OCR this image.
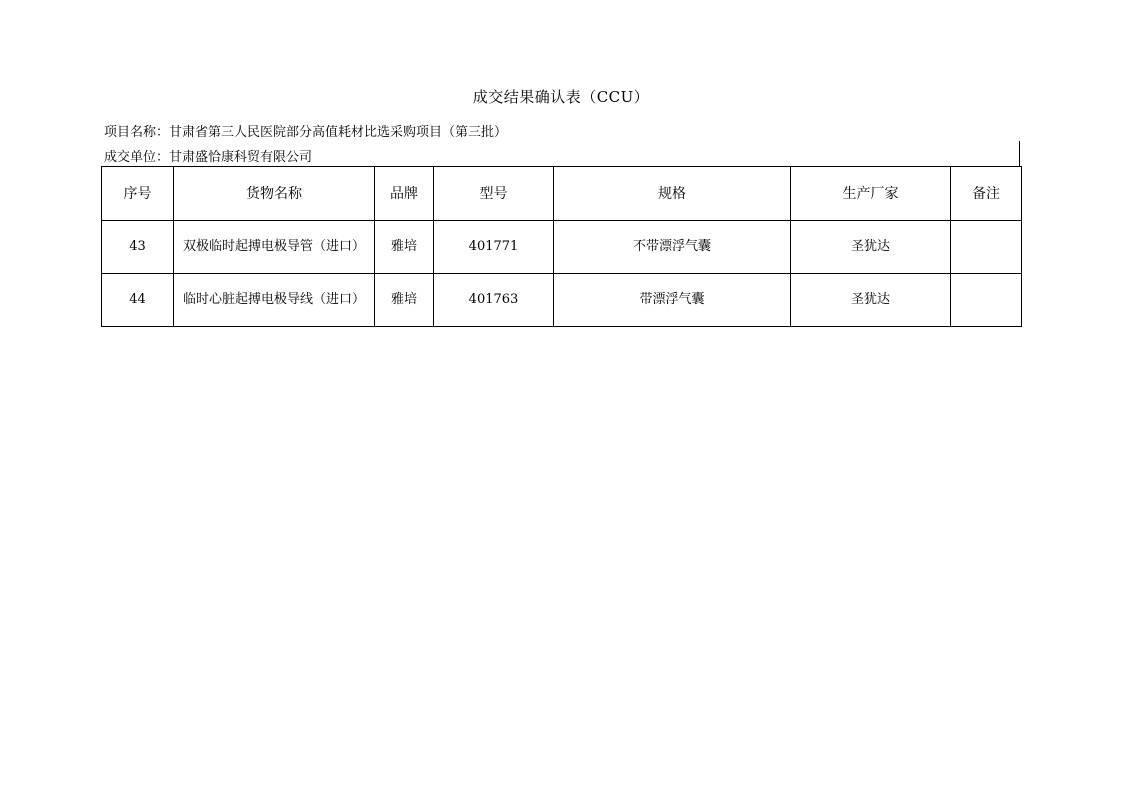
成交结果确认表（CCU）
项目名称：甘肃省第三人民医院部分高值耗材比选采购项目（第三批）
成交单位：甘肃盛恰康科贸有限公司
序号	货物名称	品牌	型号	规格	生产厂家	备注
43	双极临时起搏电极导管（进口）	雅培	401771	不带漂浮气囊	圣犹达	
44	临时心脏起搏电极导线（进口）	雅培	401763	带漂浮气囊	圣犹达	
